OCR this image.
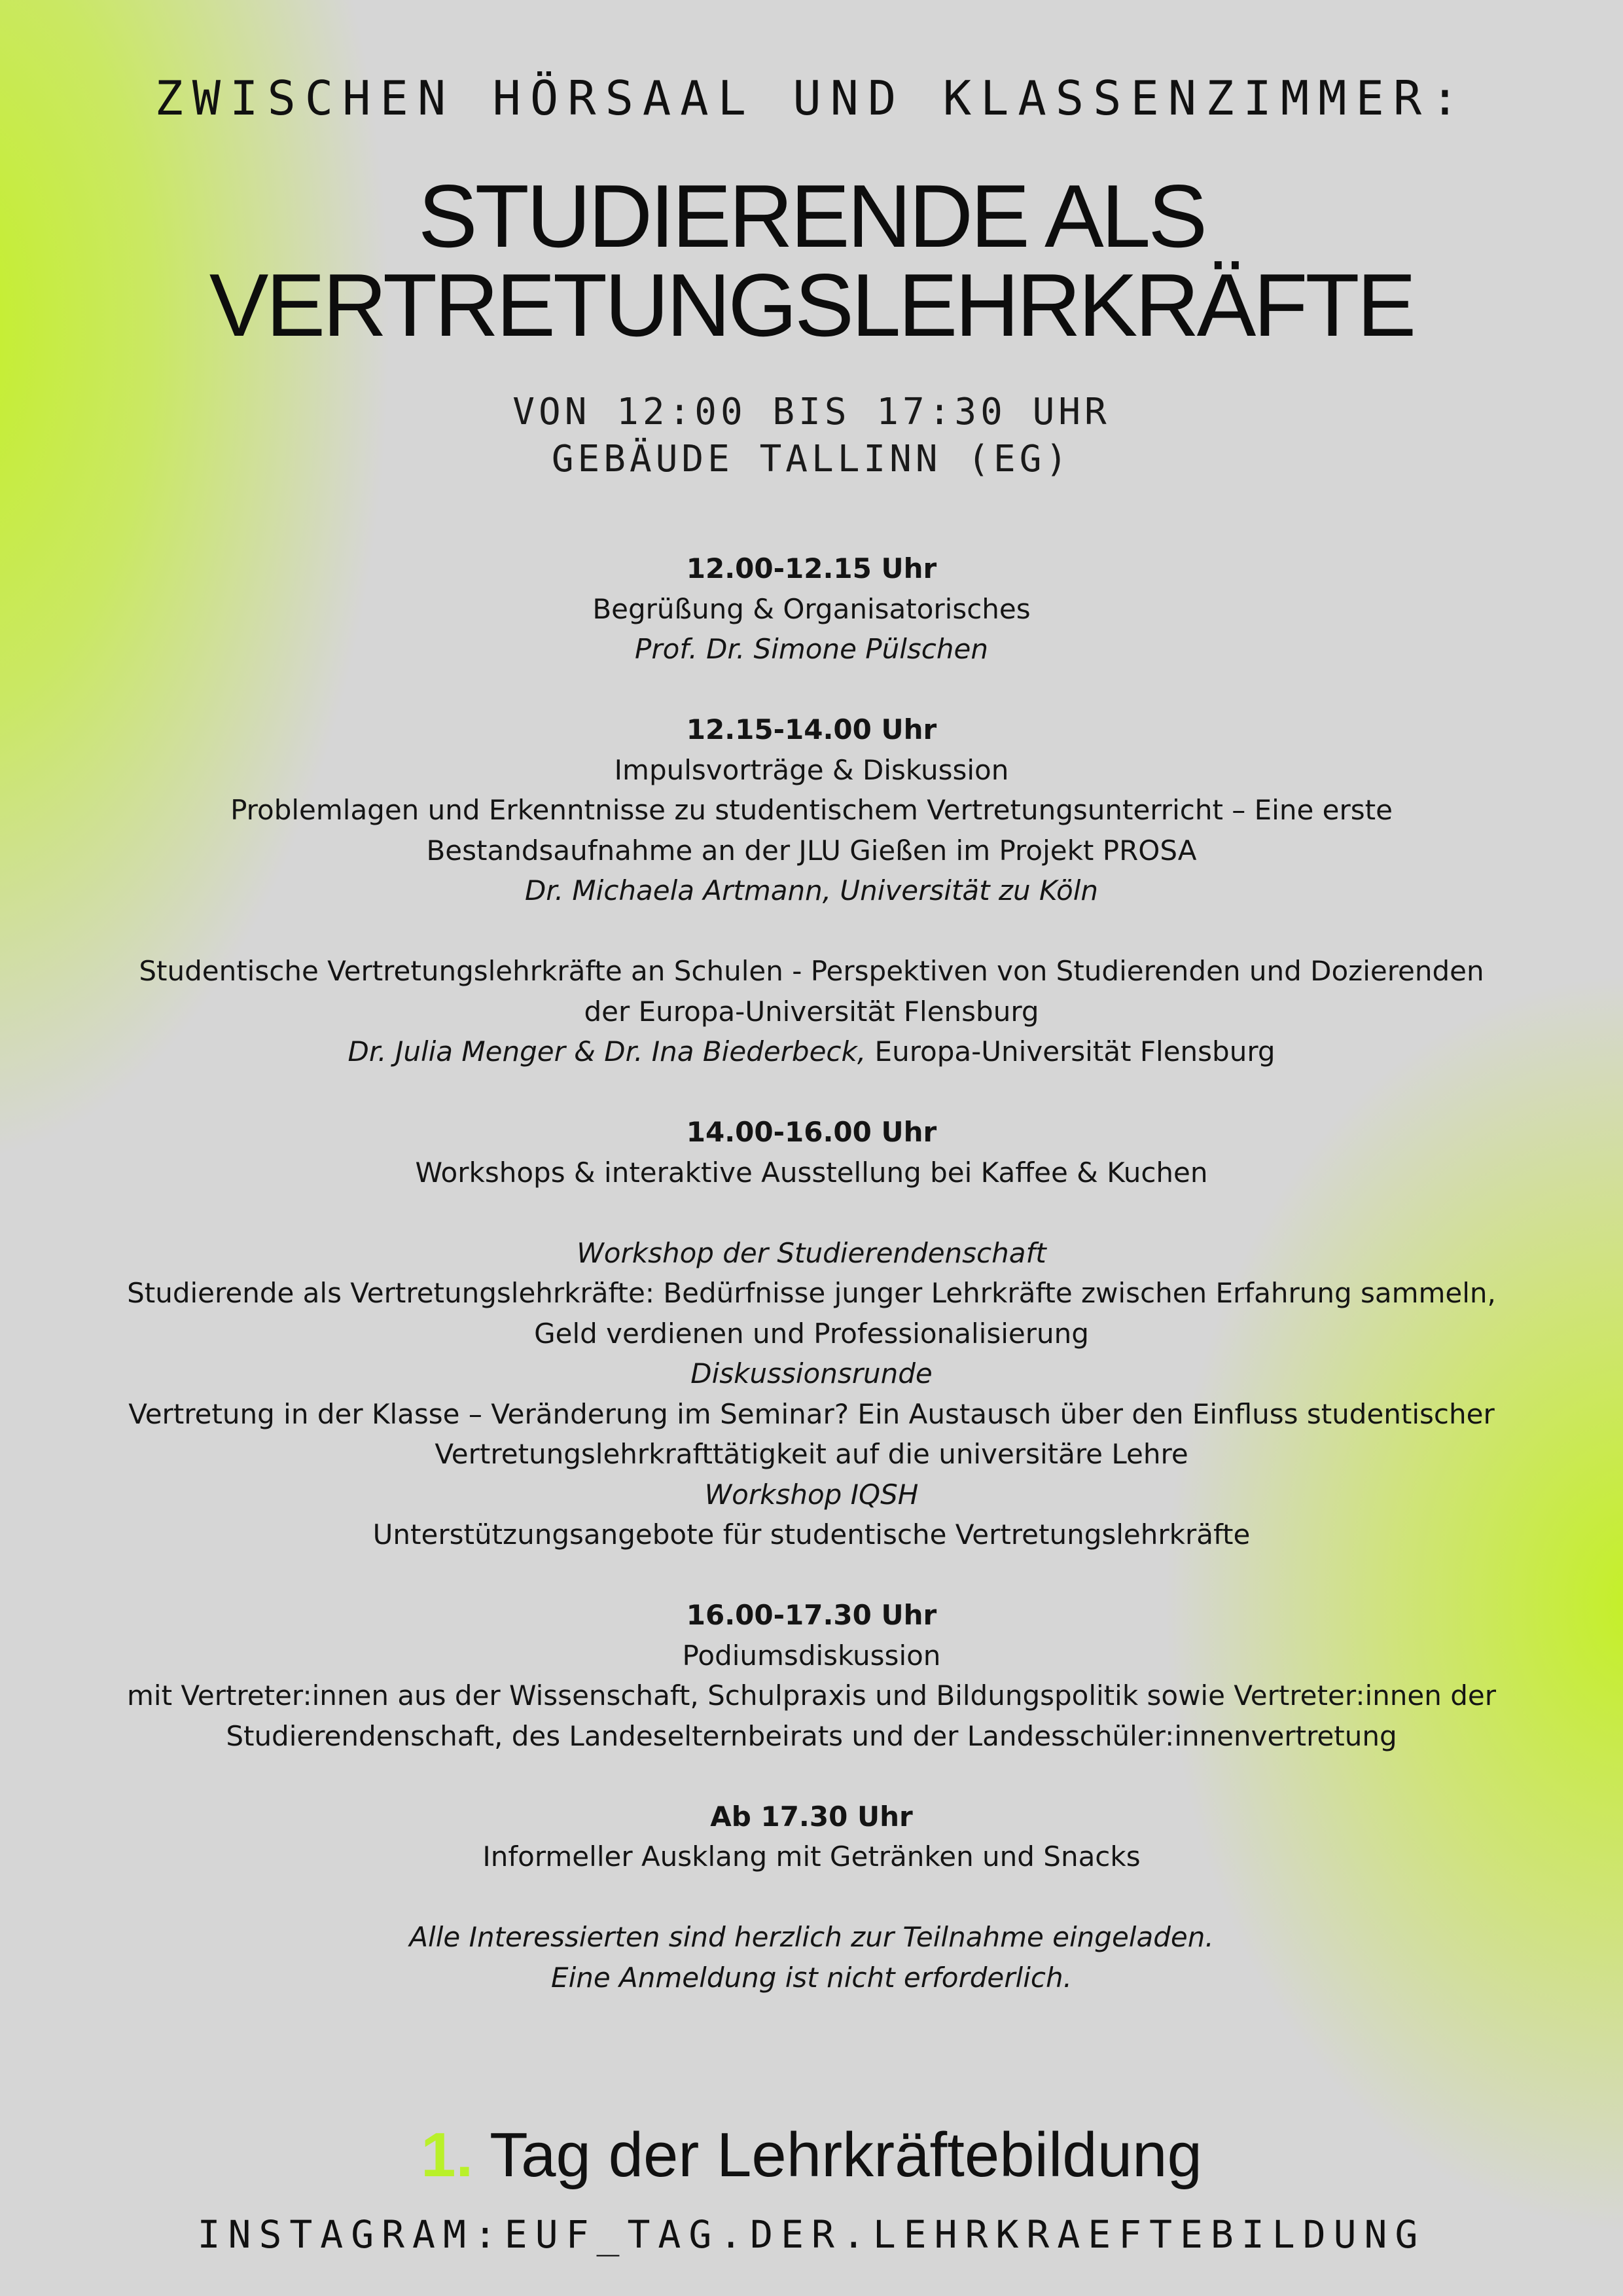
ZWISCHEN HÖRSAAL UND KLASSENZIMMER:
STUDIERENDE ALS
VERTRETUNGSLEHRKRÄFTE
VON 12:00 BIS 17:30 UHR
GEBÄUDE TALLINN (EG)
12.00-12.15 Uhr
Begrüßung & Organisatorisches
Prof. Dr. Simone Pülschen
12.15-14.00 Uhr
Impulsvorträge & Diskussion
Problemlagen und Erkenntnisse zu studentischem Vertretungsunterricht – Eine erste
Bestandsaufnahme an der JLU Gießen im Projekt PROSA
Dr. Michaela Artmann, Universität zu Köln
Studentische Vertretungslehrkräfte an Schulen - Perspektiven von Studierenden und Dozierenden
der Europa-Universität Flensburg
Dr. Julia Menger & Dr. Ina Biederbeck, Europa-Universität Flensburg
14.00-16.00 Uhr
Workshops & interaktive Ausstellung bei Kaffee & Kuchen
Workshop der Studierendenschaft
Studierende als Vertretungslehrkräfte: Bedürfnisse junger Lehrkräfte zwischen Erfahrung sammeln,
Geld verdienen und Professionalisierung
Diskussionsrunde
Vertretung in der Klasse – Veränderung im Seminar? Ein Austausch über den Einfluss studentischer
Vertretungslehrkrafttätigkeit auf die universitäre Lehre
Workshop IQSH
Unterstützungsangebote für studentische Vertretungslehrkräfte
16.00-17.30 Uhr
Podiumsdiskussion
mit Vertreter:innen aus der Wissenschaft, Schulpraxis und Bildungspolitik sowie Vertreter:innen der
Studierendenschaft, des Landeselternbeirats und der Landesschüler:innenvertretung
Ab 17.30 Uhr
Informeller Ausklang mit Getränken und Snacks
Alle Interessierten sind herzlich zur Teilnahme eingeladen.
Eine Anmeldung ist nicht erforderlich.
1. Tag der Lehrkräftebildung
INSTAGRAM:EUF_TAG.DER.LEHRKRAEFTEBILDUNG
